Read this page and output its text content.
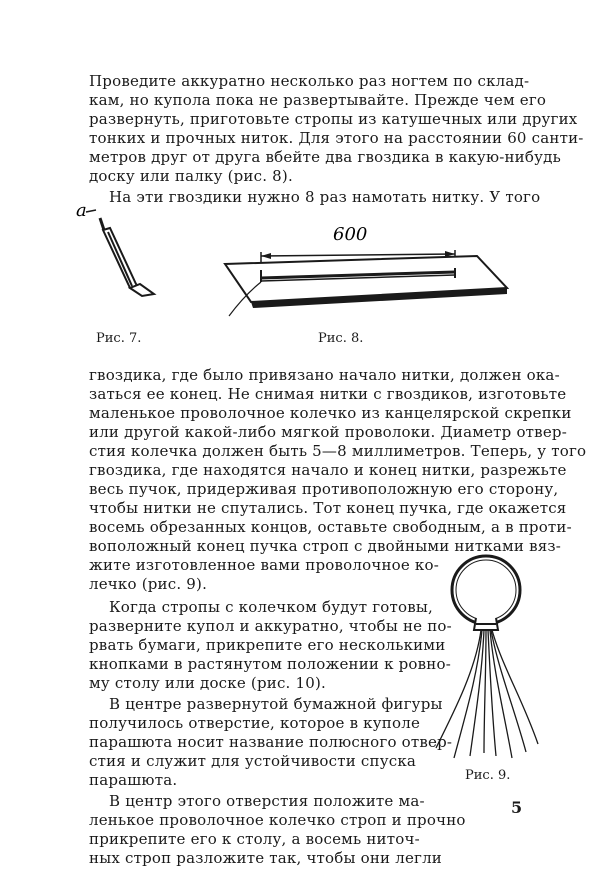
Проведите аккуратно несколько раз ногтем по склад-
кам, но купола пока не развертывайте. Прежде чем его
развернуть, приготовьте стропы из катушечных или других
тонких и прочных ниток. Для этого на расстоянии 60 санти-
метров друг от друга вбейте два гвоздика в какую-нибудь
доску или палку (рис. 8).
На эти гвоздики нужно 8 раз намотать нитку. У того
a
600
Рис. 7.	Рис. 8.
гвоздика, где было привязано начало нитки, должен ока-
заться ее конец. Не снимая нитки с гвоздиков, изготовьте
маленькое проволочное колечко из канцелярской скрепки
или другой какой-либо мягкой проволоки. Диаметр отвер-
стия колечка должен быть 5—8 миллиметров. Теперь, у того
гвоздика, где находятся начало и конец нитки, разрежьте
весь пучок, придерживая противоположную его сторону,
чтобы нитки не спутались. Тот конец пучка, где окажется
восемь обрезанных концов, оставьте свободным, а в проти-
воположный конец пучка строп с двойными нитками вяз-
жите изготовленное вами проволочное ко-
лечко (рис. 9).
Когда стропы с колечком будут готовы,
разверните купол и аккуратно, чтобы не по-
рвать бумаги, прикрепите его несколькими
кнопками в растянутом положении к ровно-
му столу или доске (рис. 10).
В центре развернутой бумажной фигуры
получилось отверстие, которое в куполе
парашюта носит название полюсного отвер-
стия и служит для устойчивости спуска
парашюта.
В центр этого отверстия положите ма-
ленькое проволочное колечко строп и прочно
прикрепите его к столу, а восемь ниточ-
ных строп разложите так, чтобы они легли
Рис. 9.
5
